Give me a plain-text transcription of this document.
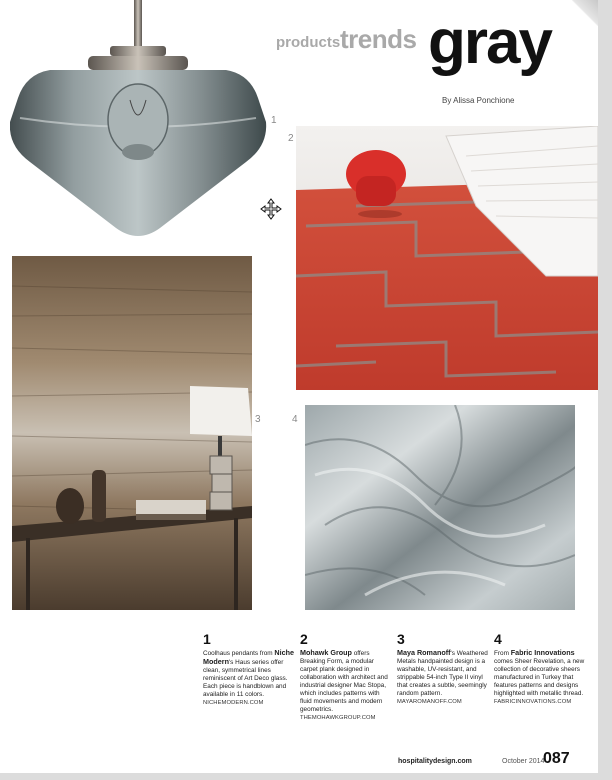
products trends gray
By Alissa Ponchione
1
2
3	4
1
Coolhaus pendants from Niche Modern's Haus series offer clean, symmetrical lines reminiscent of Art Deco glass. Each piece is handblown and available in 11 colors.
NICHEMODERN.COM
2
Mohawk Group offers Breaking Form, a modular carpet plank designed in collaboration with architect and industrial designer Mac Stopa, which includes patterns with fluid movements and modern geometrics.
THEMOHAWKGROUP.COM
3
Maya Romanoff's Weathered Metals handpainted design is a washable, UV-resistant, and strippable 54-inch Type II vinyl that creates a subtle, seemingly random pattern.
MAYAROMANOFF.COM
4
From Fabric Innovations comes Sheer Revelation, a new collection of decorative sheers manufactured in Turkey that features patterns and designs highlighted with metallic thread.
FABRICINNOVATIONS.COM
hospitalitydesign.com	October 2014
087
